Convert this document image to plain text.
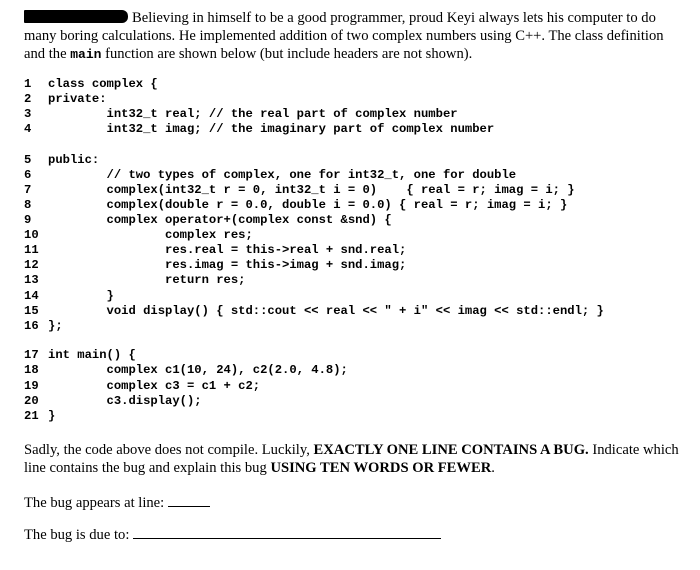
Believing in himself to be a good programmer, proud Keyi always lets his computer to do many boring calculations. He implemented addition of two complex numbers using C++. The class definition and the main function are shown below (but include headers are not shown).
1	class complex {
2	private:
3	int32_t real; // the real part of complex number
4	int32_t imag; // the imaginary part of complex number
5	public:
6	// two types of complex, one for int32_t, one for double
7	complex(int32_t r = 0, int32_t i = 0)    { real = r; imag = i; }
8	complex(double r = 0.0, double i = 0.0) { real = r; imag = i; }
9	complex operator+(complex const &snd) {
10 complex res;
11 res.real = this->real + snd.real;
12 res.imag = this->imag + snd.imag;
13 return res;
14 }
15 void display() { std::cout << real << " + i" << imag << std::endl; }
16 };
17 int main() {
18 complex c1(10, 24), c2(2.0, 4.8);
19 complex c3 = c1 + c2;
20 c3.display();
21 }
Sadly, the code above does not compile. Luckily, EXACTLY ONE LINE CONTAINS A BUG. Indicate which line contains the bug and explain this bug USING TEN WORDS OR FEWER.
The bug appears at line:
The bug is due to:
